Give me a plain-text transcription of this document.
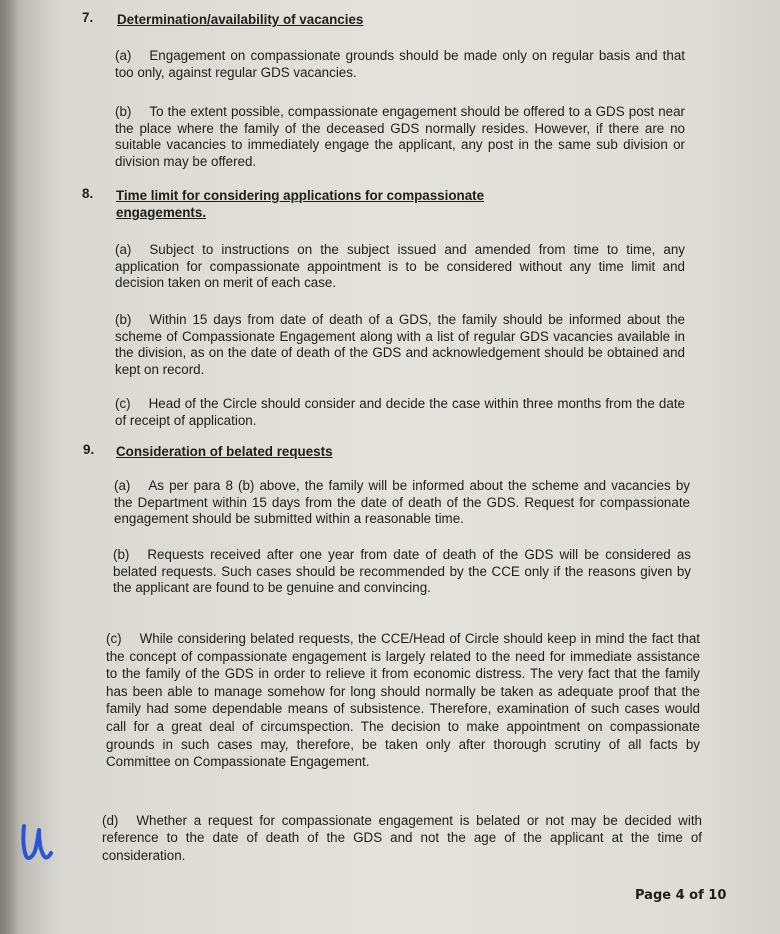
7. Determination/availability of vacancies
(a) Engagement on compassionate grounds should be made only on regular basis and that too only, against regular GDS vacancies.
(b) To the extent possible, compassionate engagement should be offered to a GDS post near the place where the family of the deceased GDS normally resides. However, if there are no suitable vacancies to immediately engage the applicant, any post in the same sub division or division may be offered.
8. Time limit for considering applications for compassionate engagements.
(a) Subject to instructions on the subject issued and amended from time to time, any application for compassionate appointment is to be considered without any time limit and decision taken on merit of each case.
(b) Within 15 days from date of death of a GDS, the family should be informed about the scheme of Compassionate Engagement along with a list of regular GDS vacancies available in the division, as on the date of death of the GDS and acknowledgement should be obtained and kept on record.
(c) Head of the Circle should consider and decide the case within three months from the date of receipt of application.
9. Consideration of belated requests
(a) As per para 8 (b) above, the family will be informed about the scheme and vacancies by the Department within 15 days from the date of death of the GDS. Request for compassionate engagement should be submitted within a reasonable time.
(b) Requests received after one year from date of death of the GDS will be considered as belated requests. Such cases should be recommended by the CCE only if the reasons given by the applicant are found to be genuine and convincing.
(c) While considering belated requests, the CCE/Head of Circle should keep in mind the fact that the concept of compassionate engagement is largely related to the need for immediate assistance to the family of the GDS in order to relieve it from economic distress. The very fact that the family has been able to manage somehow for long should normally be taken as adequate proof that the family had some dependable means of subsistence. Therefore, examination of such cases would call for a great deal of circumspection. The decision to make appointment on compassionate grounds in such cases may, therefore, be taken only after thorough scrutiny of all facts by Committee on Compassionate Engagement.
(d) Whether a request for compassionate engagement is belated or not may be decided with reference to the date of death of the GDS and not the age of the applicant at the time of consideration.
Page 4 of 10
